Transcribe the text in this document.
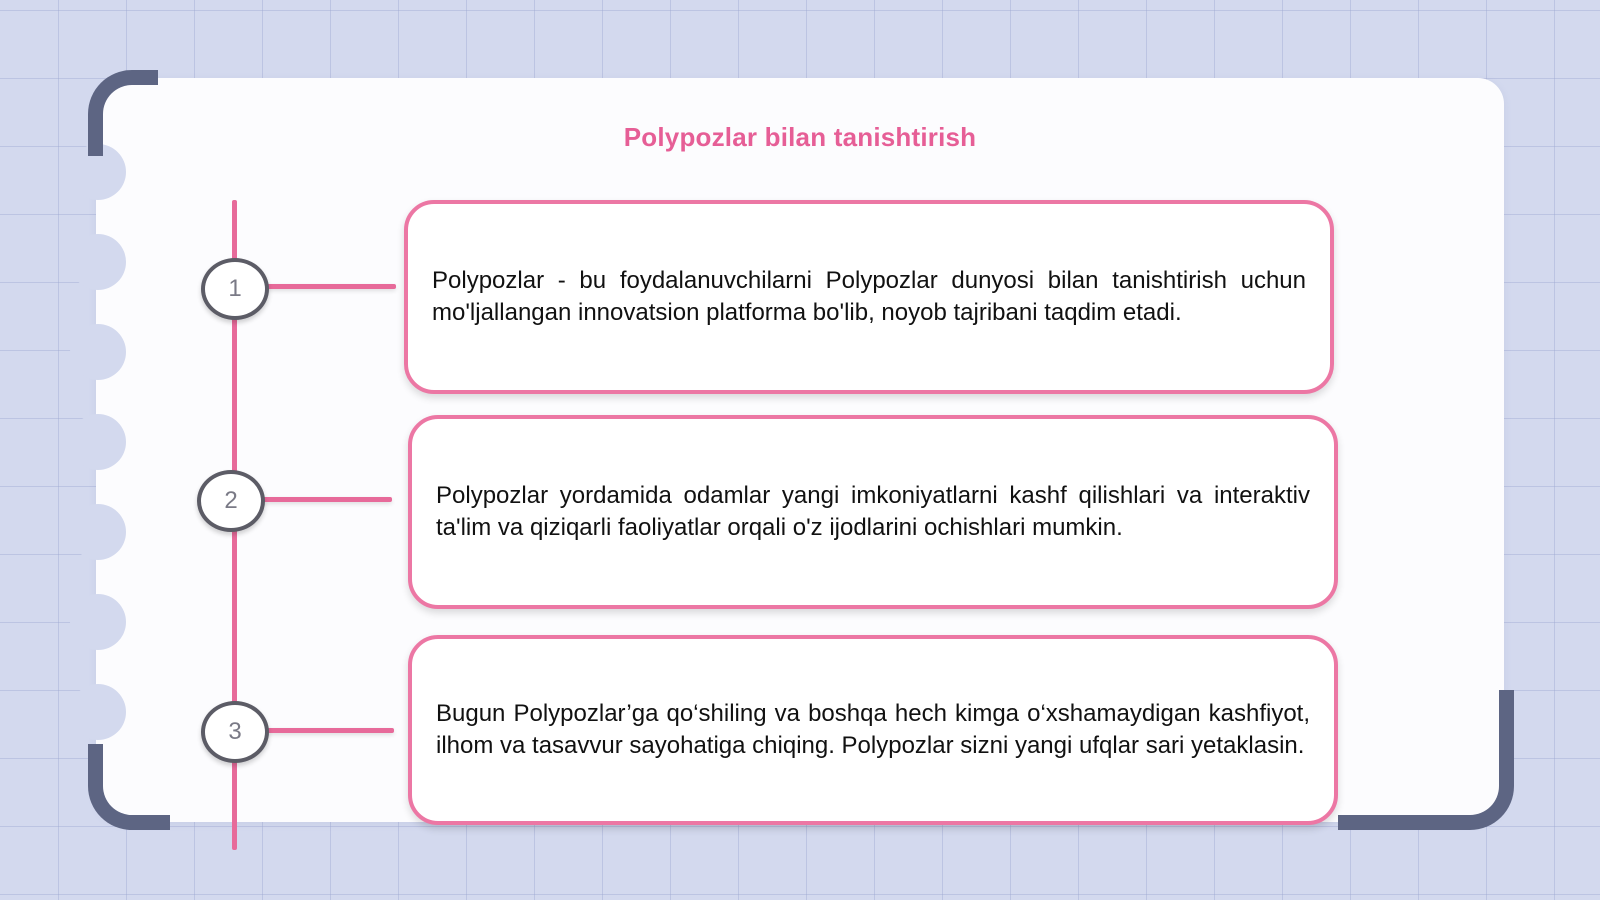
Polypozlar bilan tanishtirish
1
2
3

Polypozlar - bu foydalanuvchilarni Polypozlar dunyosi bilan tanishtirish uchun mo'ljallangan innovatsion platforma bo'lib, noyob tajribani taqdim etadi.

Polypozlar yordamida odamlar yangi imkoniyatlarni kashf qilishlari va interaktiv ta'lim va qiziqarli faoliyatlar orqali o'z ijodlarini ochishlari mumkin.

Bugun Polypozlar’ga qo‘shiling va boshqa hech kimga o‘xshamaydigan kashfiyot, ilhom va tasavvur sayohatiga chiqing. Polypozlar sizni yangi ufqlar sari yetaklasin.
